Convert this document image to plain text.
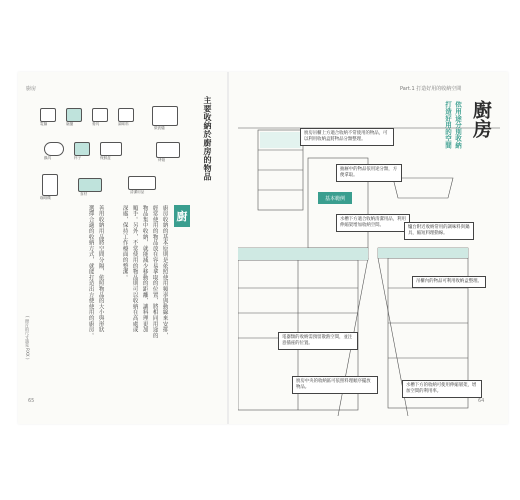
廚房
電鍋	碗盤	餐具	調味料
微波爐
鍋具	杯子	保鮮盒	烤箱
咖啡機
食材	清潔用品
主要收納於廚房的物品
廚
廚房收納的基本原則是依照使用頻率與動線來安排，
經常使用的物品放在容易拿取的位置，將相同用途的
物品集中收納，就能減少移動的距離，讓料理更加
順手。另外，不常使用的物品則可以收納在高處或
深處，保持工作檯面的整潔。
善用收納用品將空間分隔，依照物品的大小與形狀
選擇合適的收納方式，就能打造出方便使用的廚房。
( 照片的尺寸請見 P.XX )
65
Part.1 打造好用的收納空間
廚房
依用途分別收納
打造好用的空間
基本範例
廚房吊櫃上方適合收納不常使用的物品，可以利用收納盒將物品分類整理。
抽屜中的物品依用途分類，方便拿取。
水槽下方適合收納清潔用品，利用伸縮架增加收納空間。	爐台附近收納常用的調味料與鍋具，縮短料理動線。
吊櫃內的物品可利用收納盒整理。
電器類的收納需預留散熱空間，並注意插座的位置。
廚房中央的收納區可依照料理順序擺放物品。	水槽下方的收納可使用伸縮層架，增加空間的利用率。
64
